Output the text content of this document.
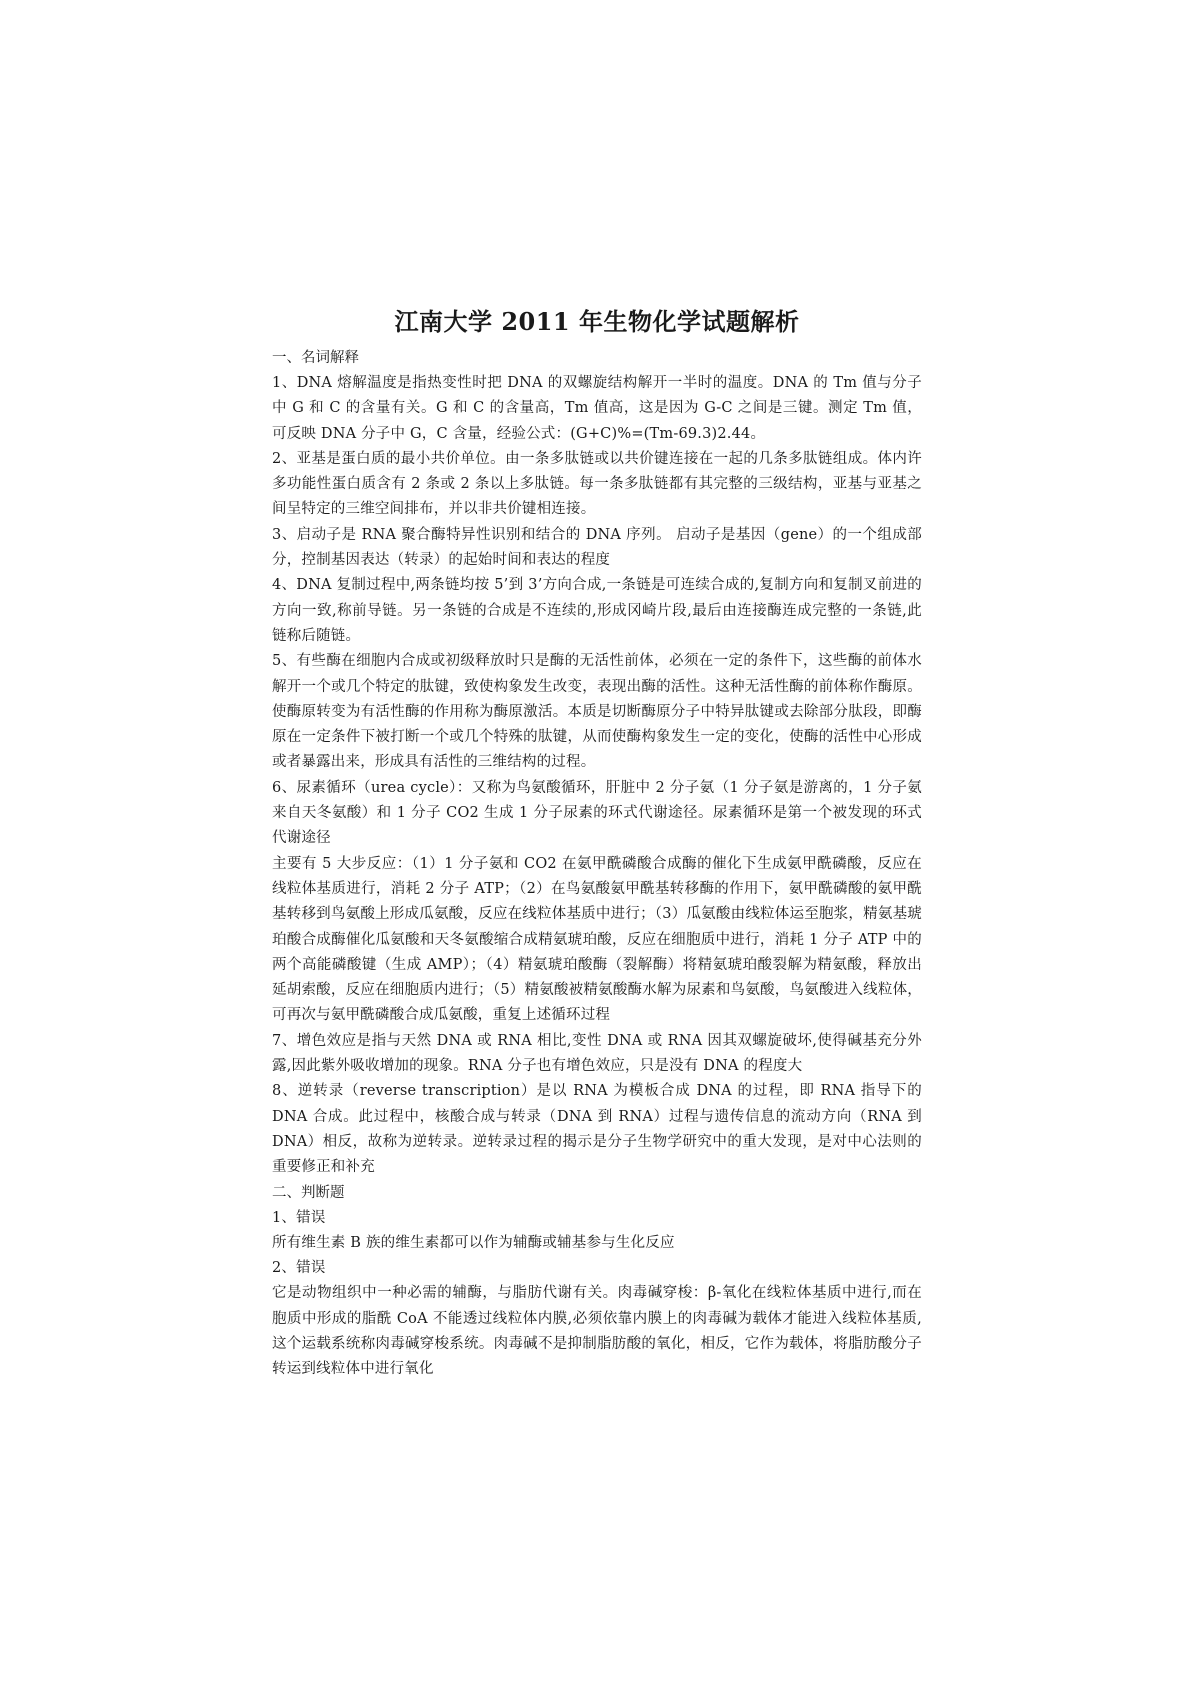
江南大学 2011 年生物化学试题解析

一、名词解释

1、DNA 熔解温度是指热变性时把 DNA 的双螺旋结构解开一半时的温度。DNA 的 Tm 值与分子中 G 和 C 的含量有关。G 和 C 的含量高，Tm 值高，这是因为 G-C 之间是三键。测定 Tm 值，可反映 DNA 分子中 G，C 含量，经验公式：(G+C)%=(Tm-69.3)2.44。

2、亚基是蛋白质的最小共价单位。由一条多肽链或以共价键连接在一起的几条多肽链组成。体内许多功能性蛋白质含有 2 条或 2 条以上多肽链。每一条多肽链都有其完整的三级结构，亚基与亚基之间呈特定的三维空间排布，并以非共价键相连接。

3、启动子是 RNA 聚合酶特异性识别和结合的 DNA 序列。 启动子是基因（gene）的一个组成部分，控制基因表达（转录）的起始时间和表达的程度

4、DNA 复制过程中,两条链均按 5’到 3’方向合成,一条链是可连续合成的,复制方向和复制叉前进的方向一致,称前导链。另一条链的合成是不连续的,形成冈崎片段,最后由连接酶连成完整的一条链,此链称后随链。

5、有些酶在细胞内合成或初级释放时只是酶的无活性前体，必须在一定的条件下，这些酶的前体水解开一个或几个特定的肽键，致使构象发生改变，表现出酶的活性。这种无活性酶的前体称作酶原。使酶原转变为有活性酶的作用称为酶原激活。本质是切断酶原分子中特异肽键或去除部分肽段，即酶原在一定条件下被打断一个或几个特殊的肽键，从而使酶构象发生一定的变化，使酶的活性中心形成或者暴露出来，形成具有活性的三维结构的过程。

6、尿素循环（urea cycle）：又称为鸟氨酸循环，肝脏中 2 分子氨（1 分子氨是游离的，1 分子氨来自天冬氨酸）和 1 分子 CO2 生成 1 分子尿素的环式代谢途径。尿素循环是第一个被发现的环式代谢途径

主要有 5 大步反应：（1）1 分子氨和 CO2 在氨甲酰磷酸合成酶的催化下生成氨甲酰磷酸，反应在线粒体基质进行，消耗 2 分子 ATP；（2）在鸟氨酸氨甲酰基转移酶的作用下，氨甲酰磷酸的氨甲酰基转移到鸟氨酸上形成瓜氨酸，反应在线粒体基质中进行；（3）瓜氨酸由线粒体运至胞浆，精氨基琥珀酸合成酶催化瓜氨酸和天冬氨酸缩合成精氨琥珀酸，反应在细胞质中进行，消耗 1 分子 ATP 中的两个高能磷酸键（生成 AMP）；（4）精氨琥珀酸酶（裂解酶）将精氨琥珀酸裂解为精氨酸，释放出延胡索酸，反应在细胞质内进行；（5）精氨酸被精氨酸酶水解为尿素和鸟氨酸，鸟氨酸进入线粒体，可再次与氨甲酰磷酸合成瓜氨酸，重复上述循环过程

7、增色效应是指与天然 DNA 或 RNA 相比,变性 DNA 或 RNA 因其双螺旋破坏,使得碱基充分外露,因此紫外吸收增加的现象。RNA 分子也有增色效应，只是没有 DNA 的程度大

8、逆转录（reverse transcription）是以 RNA 为模板合成 DNA 的过程，即 RNA 指导下的 DNA 合成。此过程中，核酸合成与转录（DNA 到 RNA）过程与遗传信息的流动方向（RNA 到 DNA）相反，故称为逆转录。逆转录过程的揭示是分子生物学研究中的重大发现，是对中心法则的重要修正和补充

二、判断题

1、错误

所有维生素 B 族的维生素都可以作为辅酶或辅基参与生化反应

2、错误

它是动物组织中一种必需的辅酶，与脂肪代谢有关。肉毒碱穿梭：β-氧化在线粒体基质中进行,而在胞质中形成的脂酰 CoA 不能透过线粒体内膜,必须依靠内膜上的肉毒碱为载体才能进入线粒体基质,这个运载系统称肉毒碱穿梭系统。肉毒碱不是抑制脂肪酸的氧化，相反，它作为载体，将脂肪酸分子转运到线粒体中进行氧化
